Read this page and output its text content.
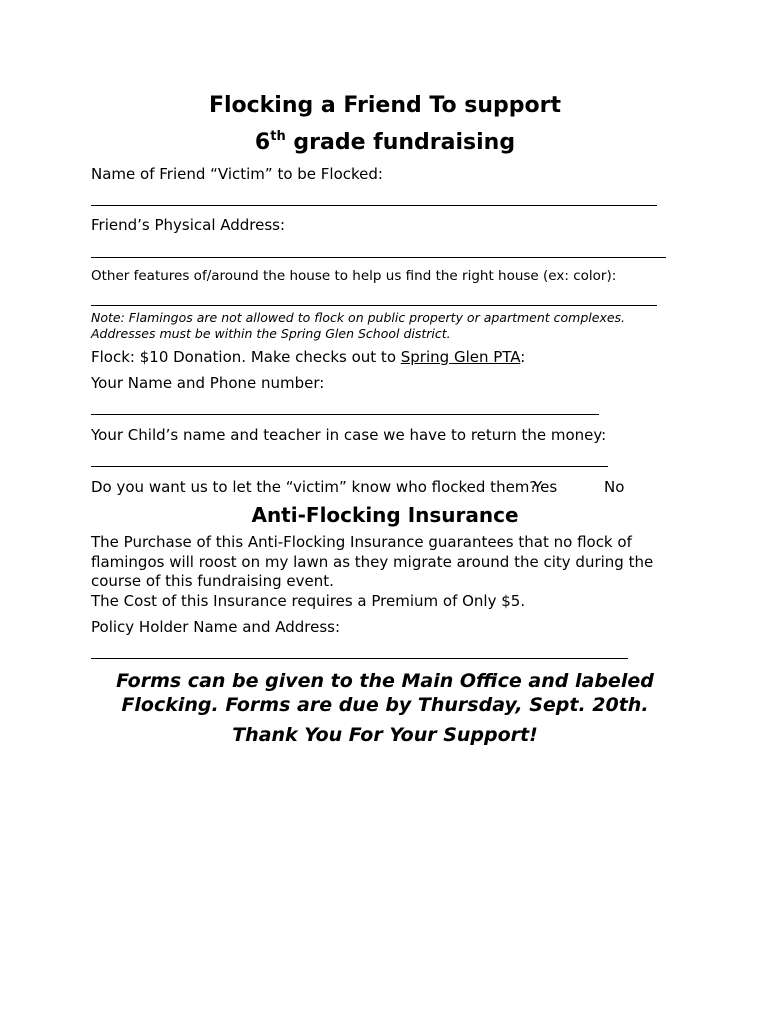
Flocking a Friend To support
6th grade fundraising
Name of Friend “Victim” to be Flocked:
Friend’s Physical Address:
Other features of/around the house to help us find the right house (ex: color):
Note: Flamingos are not allowed to flock on public property or apartment complexes.
Addresses must be within the Spring Glen School district.
Flock: $10 Donation. Make checks out to Spring Glen PTA:
Your Name and Phone number:
Your Child’s name and teacher in case we have to return the money:
Do you want us to let the “victim” know who flocked them?
Yes	No
Anti-Flocking Insurance
The Purchase of this Anti-Flocking Insurance guarantees that no flock of flamingos will roost on my lawn as they migrate around the city during the course of this fundraising event.
The Cost of this Insurance requires a Premium of Only $5.
Policy Holder Name and Address:
Forms can be given to the Main Office and labeled
Flocking. Forms are due by Thursday, Sept. 20th.
Thank You For Your Support!
